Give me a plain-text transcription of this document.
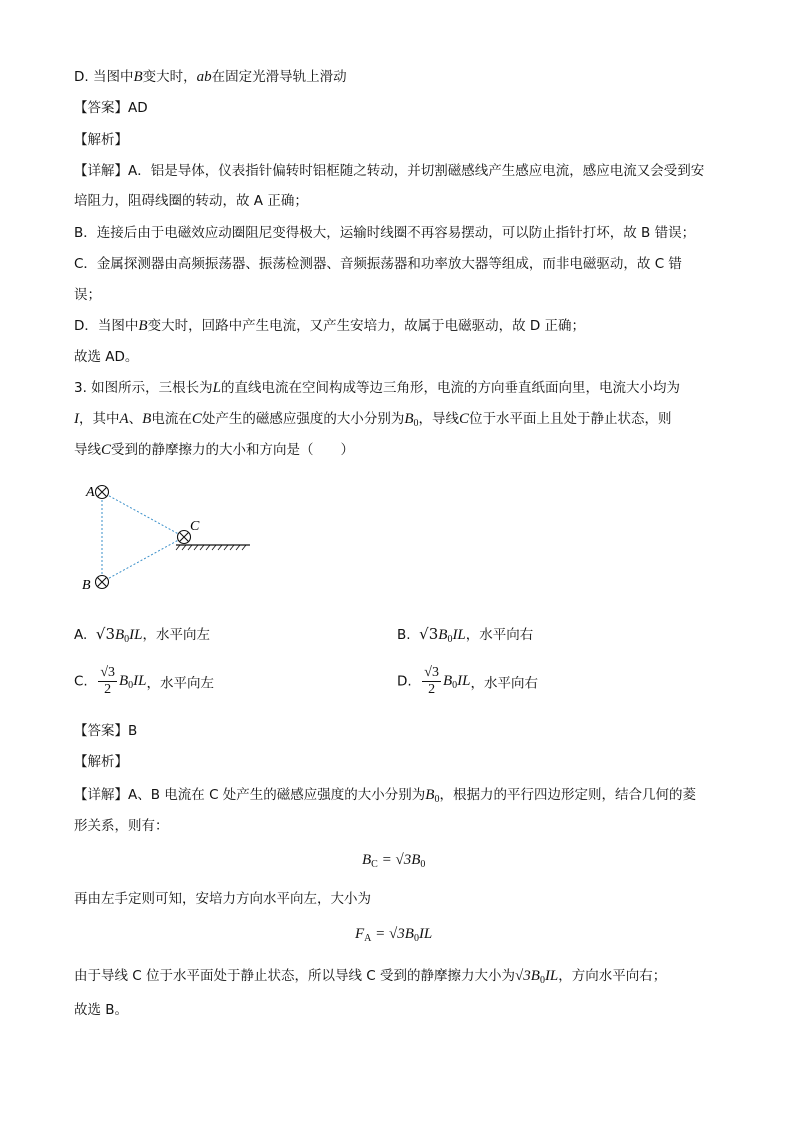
D. 当图中B变大时，ab在固定光滑导轨上滑动
【答案】AD
【解析】
【详解】A．铝是导体，仪表指针偏转时铝框随之转动，并切割磁感线产生感应电流，感应电流又会受到安
培阻力，阻碍线圈的转动，故 A 正确；
B．连接后由于电磁效应动圈阻尼变得极大，运输时线圈不再容易摆动，可以防止指针打坏，故 B 错误；
C．金属探测器由高频振荡器、振荡检测器、音频振荡器和功率放大器等组成，而非电磁驱动，故 C 错
误；
D．当图中B变大时，回路中产生电流，又产生安培力，故属于电磁驱动，故 D 正确；
故选 AD。
3. 如图所示，三根长为L的直线电流在空间构成等边三角形，电流的方向垂直纸面向里，电流大小均为
I，其中A、B电流在C处产生的磁感应强度的大小分别为$B_0$，导线C位于水平面上且处于静止状态，则
导线C受到的静摩擦力的大小和方向是（　　）
A
B
C
A. $√3B_0IL$，水平向左	B. $√3B_0IL$，水平向右
C. $\frac{√3}{2} B_0IL$，水平向左	D. $\frac{√3}{2} B_0IL$，水平向右
【答案】B
【解析】
【详解】A、B 电流在 C 处产生的磁感应强度的大小分别为$B_0$，根据力的平行四边形定则，结合几何的菱
形关系，则有：
$B_C = √3B_0$
再由左手定则可知，安培力方向水平向左，大小为
$F_A = √3B_0IL$
由于导线 C 位于水平面处于静止状态，所以导线 C 受到的静摩擦力大小为$√3B_0IL$，方向水平向右；
故选 B。
